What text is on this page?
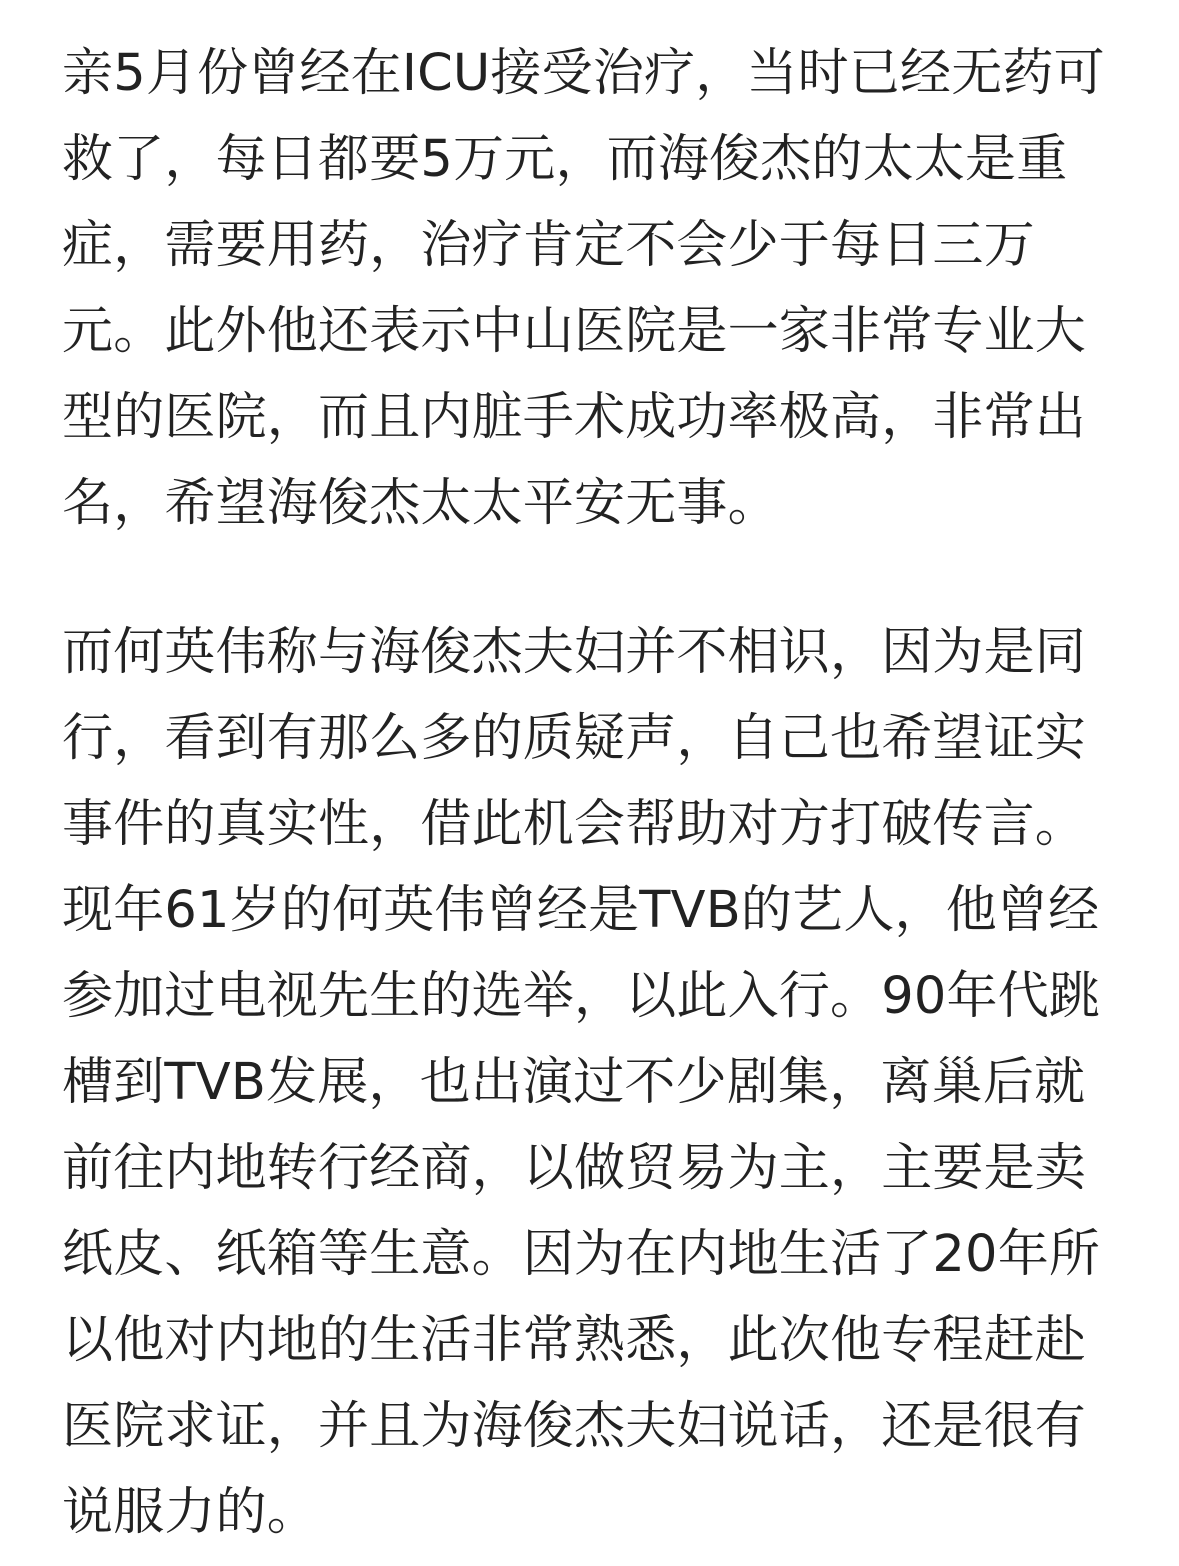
亲5月份曾经在ICU接受治疗，当时已经无药可
救了，每日都要5万元，而海俊杰的太太是重
症，需要用药，治疗肯定不会少于每日三万
元。此外他还表示中山医院是一家非常专业大
型的医院，而且内脏手术成功率极高，非常出
名，希望海俊杰太太平安无事。
而何英伟称与海俊杰夫妇并不相识，因为是同
行，看到有那么多的质疑声，自己也希望证实
事件的真实性，借此机会帮助对方打破传言。
现年61岁的何英伟曾经是TVB的艺人，他曾经
参加过电视先生的选举，以此入行。90年代跳
槽到TVB发展，也出演过不少剧集，离巢后就
前往内地转行经商，以做贸易为主，主要是卖
纸皮、纸箱等生意。因为在内地生活了20年所
以他对内地的生活非常熟悉，此次他专程赶赴
医院求证，并且为海俊杰夫妇说话，还是很有
说服力的。
